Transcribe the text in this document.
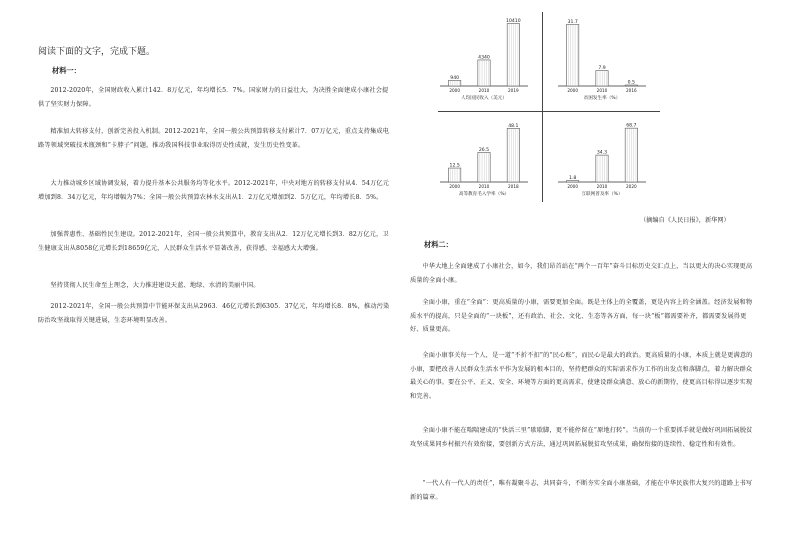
阅读下面的文字，完成下题。
材料一：
2012-2020年，全国财政收入累计142．8万亿元，年均增长5．7%。国家财力的日益壮大，为决胜全面建成小康社会提供了坚实财力保障。
精准加大转移支付，创新完善投入机制。2012-2021年，全国一般公共预算转移支付累计7．07万亿元，重点支持集成电路等领域突破技术瓶颈和“卡脖子”问题，推动我国科技事业取得历史性成就，发生历史性变革。
大力推动城乡区域协调发展，着力提升基本公共服务均等化水平。2012-2021年，中央对地方的转移支付从4．54万亿元增加到8．34万亿元，年均增幅为7%；全国一般公共预算农林水支出从1．2万亿元增加到2．5万亿元，年均增长8．5%。
加强普惠性、基础性民生建设。2012-2021年，全国一般公共预算中，教育支出从2．12万亿元增长到3．82万亿元，卫生健康支出从8058亿元增长到18659亿元，人民群众生活水平显著改善，获得感、幸福感大大增强。
坚持贯彻人民生命至上理念，大力推进建设天蓝、地绿、水清的美丽中国。
2012-2021年，全国一般公共预算中节能环保支出从2963．46亿元增长到6305．37亿元，年均增长8．8%，推动污染防治攻坚战取得关键进展，生态环境明显改善。
940
2000
4340
2010
10410
2019
人均国民收入（美元）
31.7
2000
7.9
2010
0.5
2016
贫困发生率（%）
12.5
2000
26.5
2010
48.1
2018
高等教育毛入学率（%）
1.8
2000
34.3
2010
68.7
2020
互联网普及率（%）
（摘编自《人民日报》，新华网）
材料二：
中华大地上全面建成了小康社会，如今，我们昂首站在“两个一百年”奋斗目标历史交汇点上，当以更大的决心实现更高质量的全面小康。
全面小康，重在“全面”：更高质量的小康，需要更加全面。既是主体上的全覆盖，更是内容上的全涵盖。经济发展和物质水平的提高，只是全面的“一块板”，还有政治、社会、文化、生态等各方面，每一块“板”都需要补齐，都需要发展得更好、质量更高。
全面小康事关每一个人，是一道“不折不扣”的“民心账”，而民心是最大的政治。更高质量的小康，本质上就是更满意的小康，要把改善人民群众生活水平作为发展的根本目的，坚持把群众的实际需求作为工作的出发点和落脚点，着力解决群众最关心的事。要在公平、正义、安全、环境等方面的更高需求，使建设群众满意、放心的新期待，使更高目标得以逐步实现和完善。
全面小康不能在喘喘建成的“快活三里”歇歇脚，更不能停留在“原地打转”。当前的一个重要抓手就是做好巩固拓展脱贫攻坚成果同乡村振兴有效衔接，要创新方式方法，通过巩固拓展脱贫攻坚成果，确保衔接的连续性、稳定性和有效性。
“一代人有一代人的责任”，唯有凝聚斗志，共同奋斗，不断夯实全面小康基础，才能在中华民族伟大复兴的道路上书写新的篇章。
